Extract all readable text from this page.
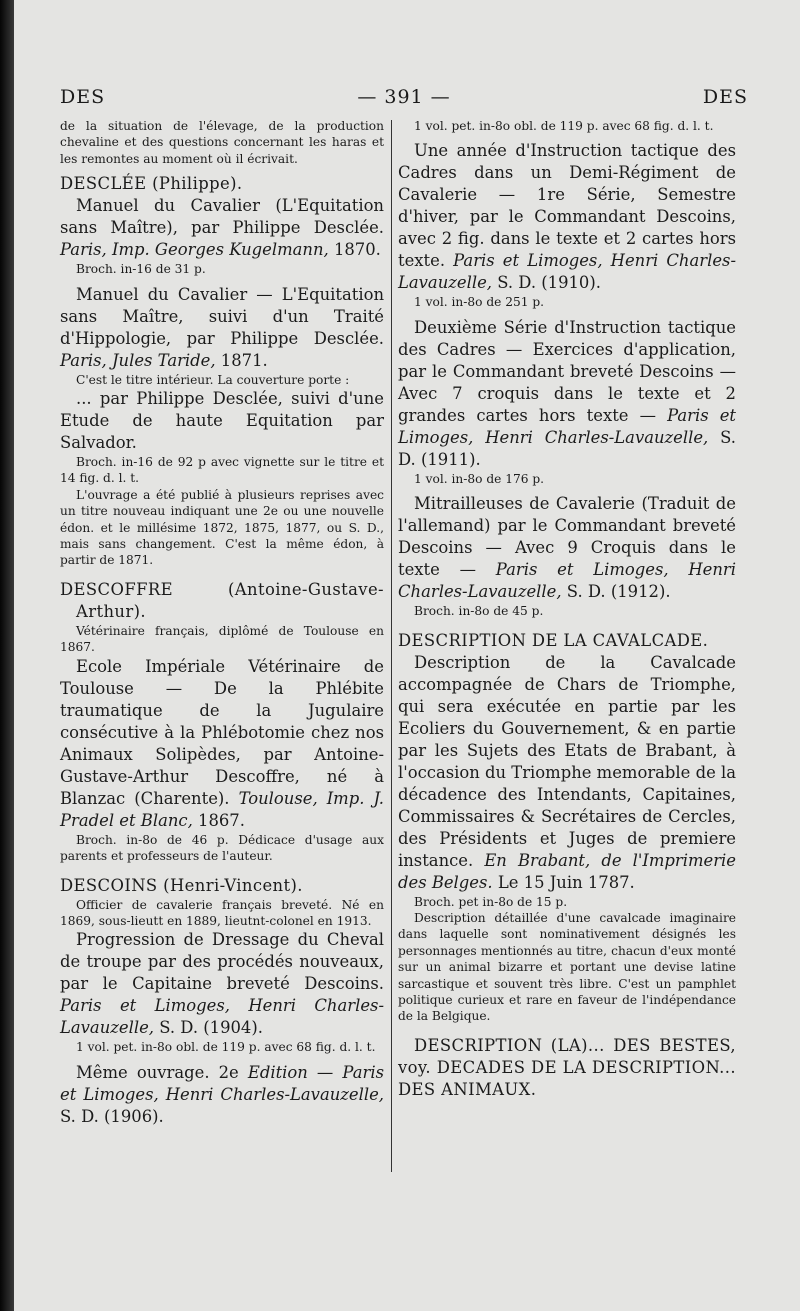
DES	— 391 —	DES

de la situation de l'élevage, de la production chevaline et des questions concernant les haras et les remontes au moment où il écrivait.

DESCLÉE (Philippe).

Manuel du Cavalier (L'Equitation sans Maître), par Philippe Desclée. Paris, Imp. Georges Kugelmann, 1870.

Broch. in-16 de 31 p.

Manuel du Cavalier — L'Equitation sans Maître, suivi d'un Traité d'Hippologie, par Philippe Desclée. Paris, Jules Taride, 1871.

C'est le titre intérieur. La couverture porte :

... par Philippe Desclée, suivi d'une Etude de haute Equitation par Salvador.

Broch. in-16 de 92 p avec vignette sur le titre et 14 fig. d. l. t.

L'ouvrage a été publié à plusieurs reprises avec un titre nouveau indiquant une 2e ou une nouvelle édon. et le millésime 1872, 1875, 1877, ou S. D., mais sans changement. C'est la même édon, à partir de 1871.

DESCOFFRE (Antoine-Gustave-Arthur).

Vétérinaire français, diplômé de Toulouse en 1867.

Ecole Impériale Vétérinaire de Toulouse — De la Phlébite traumatique de la Jugulaire consécutive à la Phlébotomie chez nos Animaux Solipèdes, par Antoine-Gustave-Arthur Descoffre, né à Blanzac (Charente). Toulouse, Imp. J. Pradel et Blanc, 1867.

Broch. in-8o de 46 p. Dédicace d'usage aux parents et professeurs de l'auteur.

DESCOINS (Henri-Vincent).

Officier de cavalerie français breveté. Né en 1869, sous-lieutt en 1889, lieutnt-colonel en 1913.

Progression de Dressage du Cheval de troupe par des procédés nouveaux, par le Capitaine breveté Descoins. Paris et Limoges, Henri Charles-Lavauzelle, S. D. (1904).

1 vol. pet. in-8o obl. de 119 p. avec 68 fig. d. l. t.

Même ouvrage. 2e Edition — Paris et Limoges, Henri Charles-Lavauzelle, S. D. (1906).

1 vol. pet. in-8o obl. de 119 p. avec 68 fig. d. l. t.

Une année d'Instruction tactique des Cadres dans un Demi-Régiment de Cavalerie — 1re Série, Semestre d'hiver, par le Commandant Descoins, avec 2 fig. dans le texte et 2 cartes hors texte. Paris et Limoges, Henri Charles-Lavauzelle, S. D. (1910).

1 vol. in-8o de 251 p.

Deuxième Série d'Instruction tactique des Cadres — Exercices d'application, par le Commandant breveté Descoins — Avec 7 croquis dans le texte et 2 grandes cartes hors texte — Paris et Limoges, Henri Charles-Lavauzelle, S. D. (1911).

1 vol. in-8o de 176 p.

Mitrailleuses de Cavalerie (Traduit de l'allemand) par le Commandant breveté Descoins — Avec 9 Croquis dans le texte — Paris et Limoges, Henri Charles-Lavauzelle, S. D. (1912).

Broch. in-8o de 45 p.

DESCRIPTION DE LA CAVALCADE.

Description de la Cavalcade accompagnée de Chars de Triomphe, qui sera exécutée en partie par les Ecoliers du Gouvernement, & en partie par les Sujets des Etats de Brabant, à l'occasion du Triomphe memorable de la décadence des Intendants, Capitaines, Commissaires & Secrétaires de Cercles, des Présidents et Juges de premiere instance. En Brabant, de l'Imprimerie des Belges. Le 15 Juin 1787.

Broch. pet in-8o de 15 p.

Description détaillée d'une cavalcade imaginaire dans laquelle sont nominativement désignés les personnages mentionnés au titre, chacun d'eux monté sur un animal bizarre et portant une devise latine sarcastique et souvent très libre. C'est un pamphlet politique curieux et rare en faveur de l'indépendance de la Belgique.

DESCRIPTION (LA)... DES BESTES, voy. DECADES DE LA DESCRIPTION... DES ANIMAUX.
